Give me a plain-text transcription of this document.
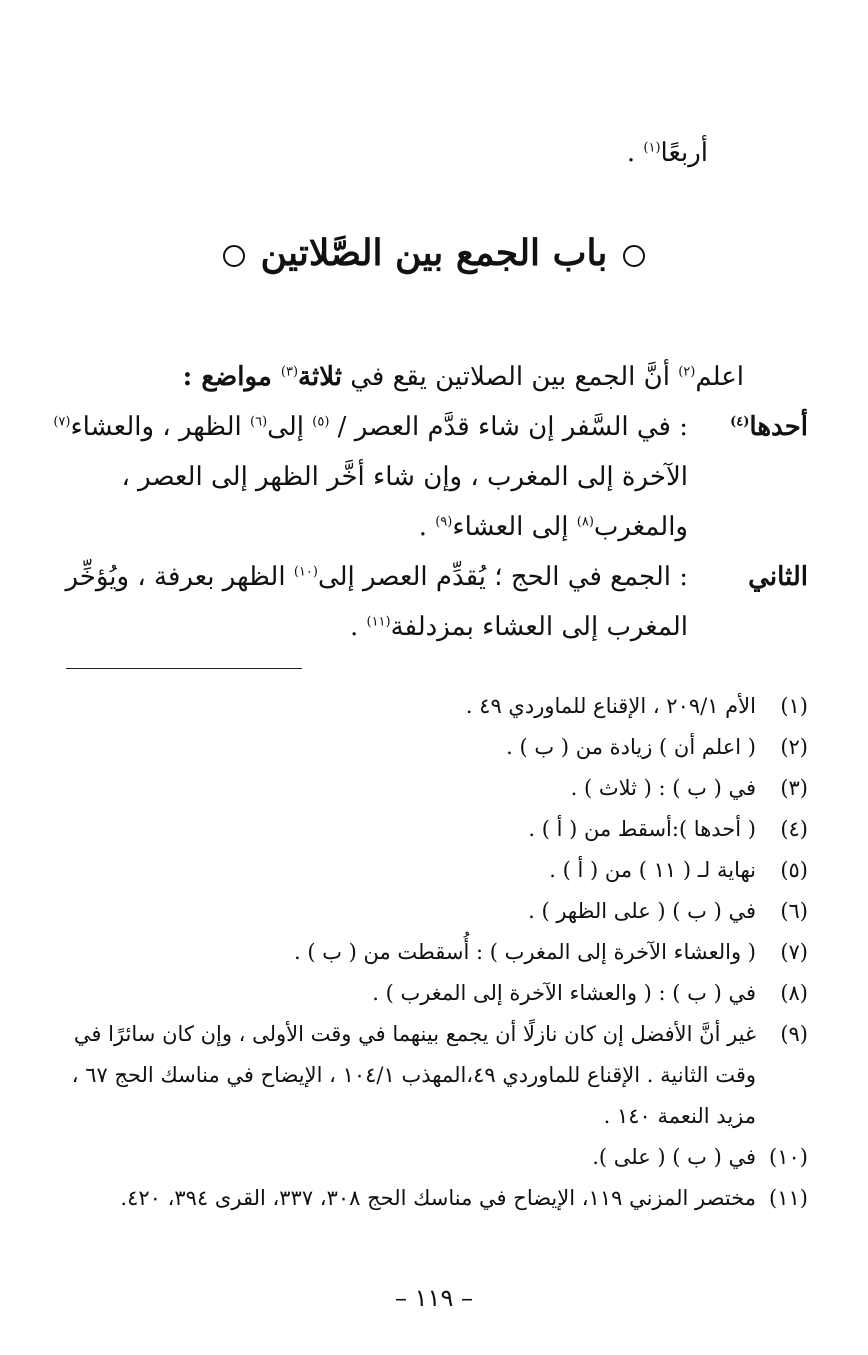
أربعًا$^{(١)}$ .
باب الجمع بين الصَّلاتين
اعلم$^{(٢)}$ أنَّ الجمع بين الصلاتين يقع في ثلاثة$^{(٣)}$ مواضع :
أحدها$^{(٤)}$
: في السَّفر إن شاء قدَّم العصر / $^{(٥)}$ إلى$^{(٦)}$ الظهر ، والعشاء$^{(٧)}$
الآخرة إلى المغرب ، وإن شاء أخَّر الظهر إلى العصر ،
والمغرب$^{(٨)}$ إلى العشاء$^{(٩)}$ .
الثاني
: الجمع في الحج ؛ يُقدِّم العصر إلى$^{(١٠)}$ الظهر بعرفة ، ويُؤخِّر
المغرب إلى العشاء بمزدلفة$^{(١١)}$ .
(١)
الأم ٢٠٩/١ ، الإقناع للماوردي ٤٩ .
(٢)
( اعلم أن ) زيادة من ( ب ) .
(٣)
في ( ب ) : ( ثلاث ) .
(٤)
( أحدها ):أسقط من ( أ ) .
(٥)
نهاية لـ ( ١١ ) من ( أ ) .
(٦)
في ( ب ) ( على الظهر ) .
(٧)
( والعشاء الآخرة إلى المغرب ) : أُسقطت من ( ب ) .
(٨)
في ( ب ) : ( والعشاء الآخرة إلى المغرب ) .
(٩)
غير أنَّ الأفضل إن كان نازلًا أن يجمع بينهما في وقت الأولى ، وإن كان سائرًا في وقت الثانية . الإقناع للماوردي ٤٩،المهذب ١٠٤/١ ، الإيضاح في مناسك الحج ٦٧ ، مزيد النعمة ١٤٠ .
(١٠)
في ( ب ) ( على ).
(١١)
مختصر المزني ١١٩، الإيضاح في مناسك الحج ٣٠٨، ٣٣٧، القرى ٣٩٤، ٤٢٠.
– ١١٩ –
